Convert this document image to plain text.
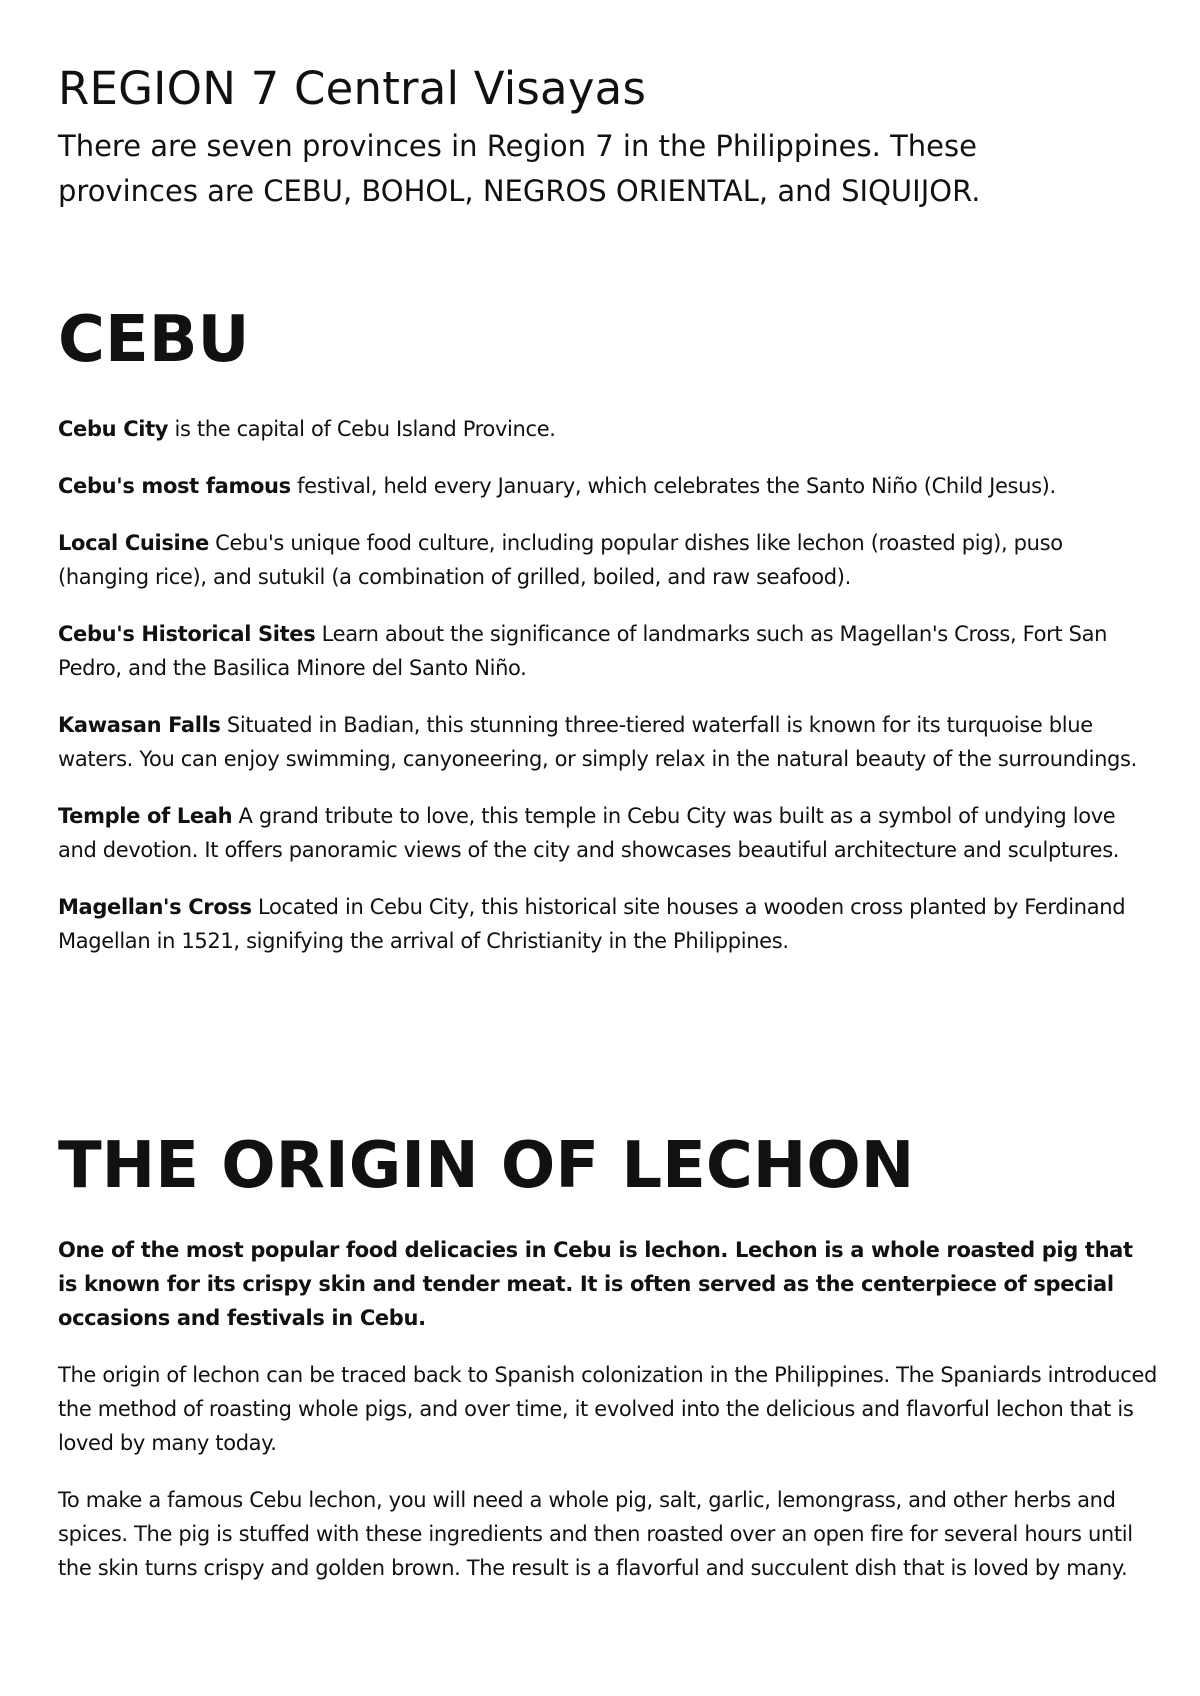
REGION 7 Central Visayas
There are seven provinces in Region 7 in the Philippines. These provinces are CEBU, BOHOL, NEGROS ORIENTAL, and SIQUIJOR.
CEBU

Cebu City is the capital of Cebu Island Province.

Cebu's most famous festival, held every January, which celebrates the Santo Niño (Child Jesus).

Local Cuisine Cebu's unique food culture, including popular dishes like lechon (roasted pig), puso (hanging rice), and sutukil (a combination of grilled, boiled, and raw seafood).

Cebu's Historical Sites Learn about the significance of landmarks such as Magellan's Cross, Fort San Pedro, and the Basilica Minore del Santo Niño.

Kawasan Falls Situated in Badian, this stunning three-tiered waterfall is known for its turquoise blue waters. You can enjoy swimming, canyoneering, or simply relax in the natural beauty of the surroundings.

Temple of Leah A grand tribute to love, this temple in Cebu City was built as a symbol of undying love and devotion. It offers panoramic views of the city and showcases beautiful architecture and sculptures.

Magellan's Cross Located in Cebu City, this historical site houses a wooden cross planted by Ferdinand Magellan in 1521, signifying the arrival of Christianity in the Philippines.

THE ORIGIN OF LECHON

One of the most popular food delicacies in Cebu is lechon. Lechon is a whole roasted pig that is known for its crispy skin and tender meat. It is often served as the centerpiece of special occasions and festivals in Cebu.

The origin of lechon can be traced back to Spanish colonization in the Philippines. The Spaniards introduced the method of roasting whole pigs, and over time, it evolved into the delicious and flavorful lechon that is loved by many today.

To make a famous Cebu lechon, you will need a whole pig, salt, garlic, lemongrass, and other herbs and spices. The pig is stuffed with these ingredients and then roasted over an open fire for several hours until the skin turns crispy and golden brown. The result is a flavorful and succulent dish that is loved by many.
